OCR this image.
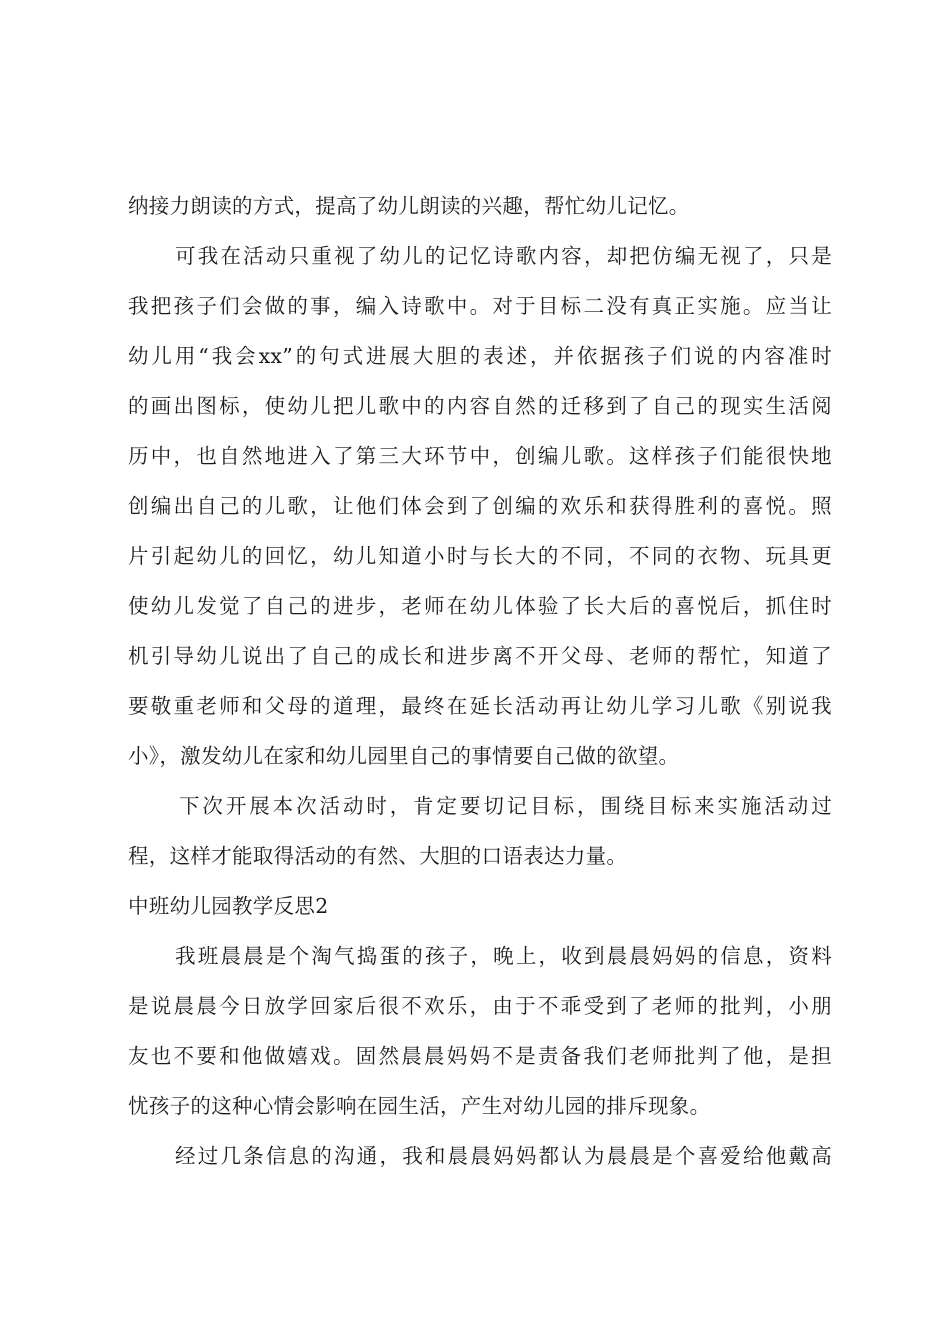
纳接力朗读的方式，提高了幼儿朗读的兴趣，帮忙幼儿记忆。
可我在活动只重视了幼儿的记忆诗歌内容，却把仿编无视了，只是
我把孩子们会做的事，编入诗歌中。对于目标二没有真正实施。应当让
幼儿用“我会xx”的句式进展大胆的表述，并依据孩子们说的内容准时
的画出图标，使幼儿把儿歌中的内容自然的迁移到了自己的现实生活阅
历中，也自然地进入了第三大环节中，创编儿歌。这样孩子们能很快地
创编出自己的儿歌，让他们体会到了创编的欢乐和获得胜利的喜悦。照
片引起幼儿的回忆，幼儿知道小时与长大的不同，不同的衣物、玩具更
使幼儿发觉了自己的进步，老师在幼儿体验了长大后的喜悦后，抓住时
机引导幼儿说出了自己的成长和进步离不开父母、老师的帮忙，知道了
要敬重老师和父母的道理，最终在延长活动再让幼儿学习儿歌《别说我
小》，激发幼儿在家和幼儿园里自己的事情要自己做的欲望。
下次开展本次活动时，肯定要切记目标，围绕目标来实施活动过
程，这样才能取得活动的有然、大胆的口语表达力量。
中班幼儿园教学反思2
我班晨晨是个淘气捣蛋的孩子，晚上，收到晨晨妈妈的信息，资料
是说晨晨今日放学回家后很不欢乐，由于不乖受到了老师的批判，小朋
友也不要和他做嬉戏。固然晨晨妈妈不是责备我们老师批判了他，是担
忧孩子的这种心情会影响在园生活，产生对幼儿园的排斥现象。
经过几条信息的沟通，我和晨晨妈妈都认为晨晨是个喜爱给他戴高
